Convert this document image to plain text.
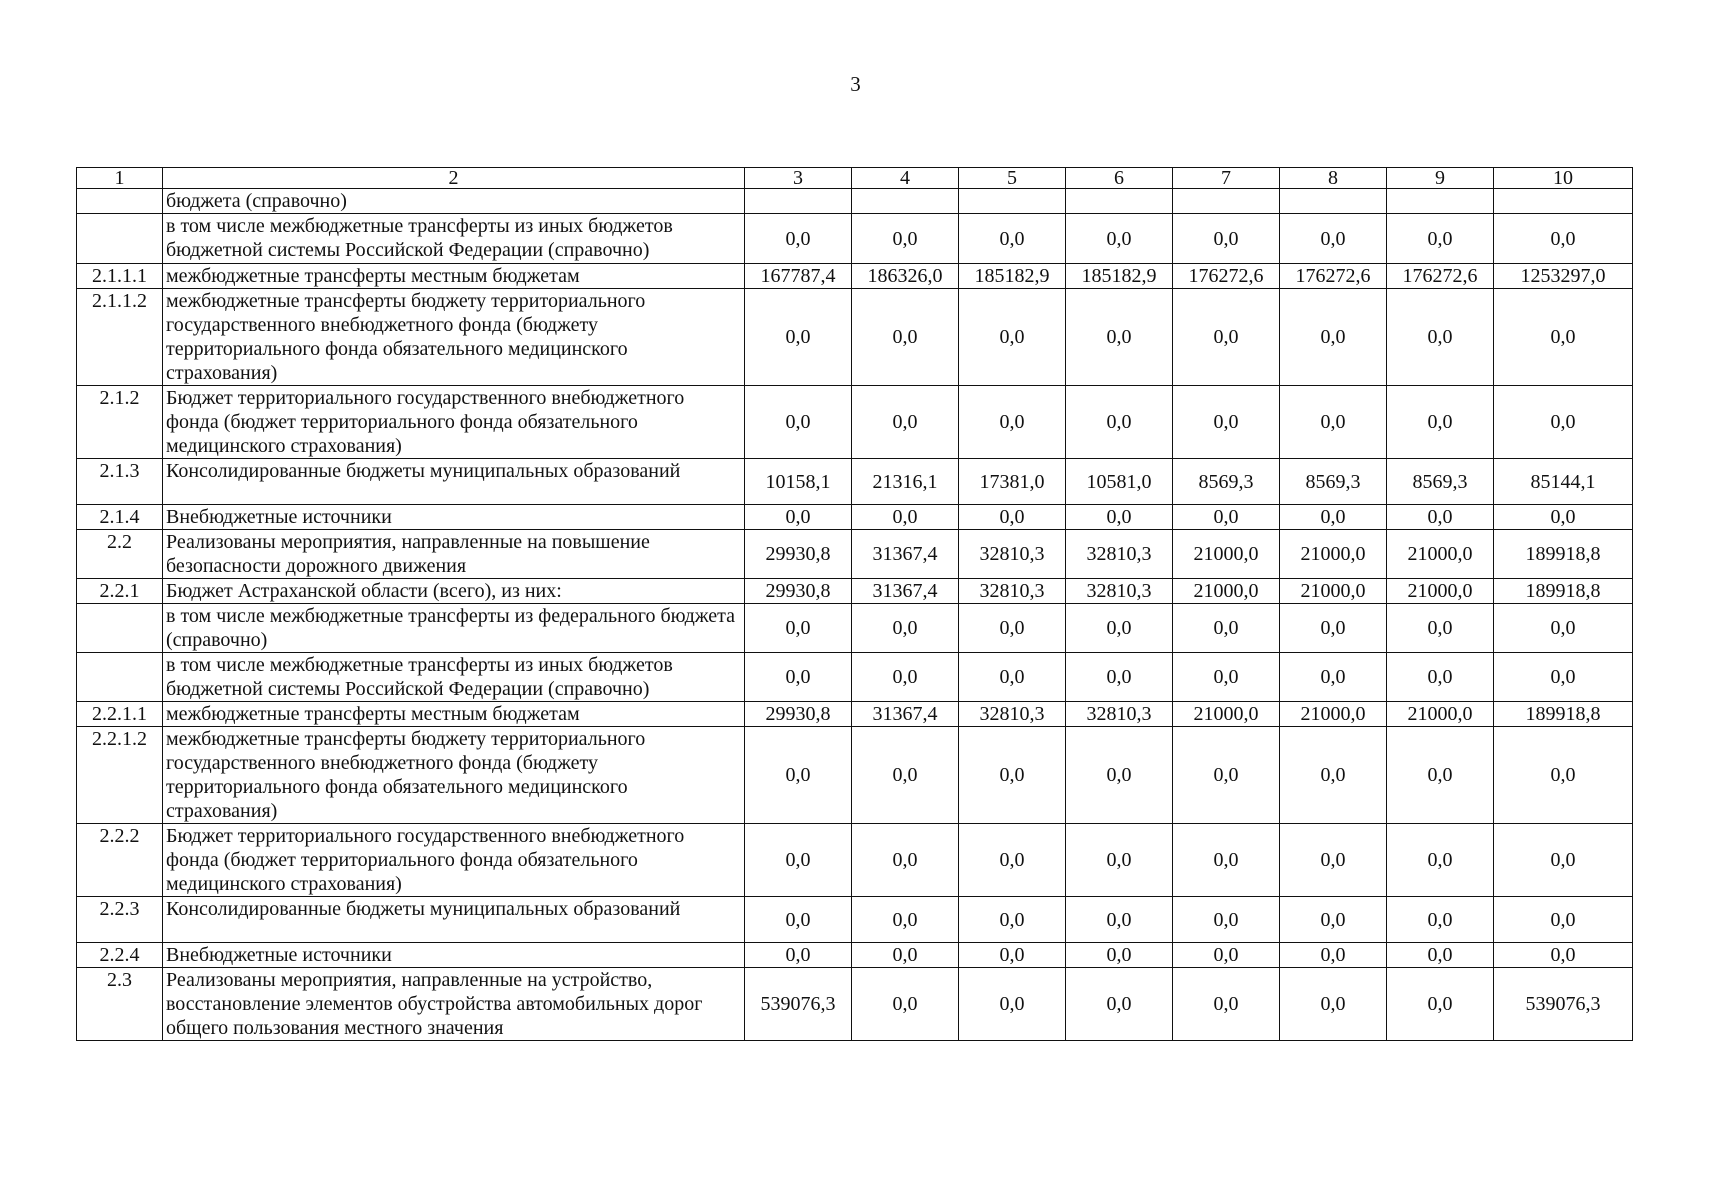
3
1	2	3	4	5	6	7	8	9	10
	бюджета (справочно)								
	в том числе межбюджетные трансферты из иных бюджетов бюджетной системы Российской Федерации (справочно)	0,0	0,0	0,0	0,0	0,0	0,0	0,0	0,0
2.1.1.1	межбюджетные трансферты местным бюджетам	167787,4	186326,0	185182,9	185182,9	176272,6	176272,6	176272,6	1253297,0
2.1.1.2	межбюджетные трансферты бюджету территориального государственного внебюджетного фонда (бюджету территориального фонда обязательного медицинского страхования)	0,0	0,0	0,0	0,0	0,0	0,0	0,0	0,0
2.1.2	Бюджет территориального государственного внебюджетного фонда (бюджет территориального фонда обязательного медицинского страхования)	0,0	0,0	0,0	0,0	0,0	0,0	0,0	0,0
2.1.3	Консолидированные бюджеты муниципальных образований	10158,1	21316,1	17381,0	10581,0	8569,3	8569,3	8569,3	85144,1
2.1.4	Внебюджетные источники	0,0	0,0	0,0	0,0	0,0	0,0	0,0	0,0
2.2	Реализованы мероприятия, направленные на повышение безопасности дорожного движения	29930,8	31367,4	32810,3	32810,3	21000,0	21000,0	21000,0	189918,8
2.2.1	Бюджет Астраханской области (всего), из них:	29930,8	31367,4	32810,3	32810,3	21000,0	21000,0	21000,0	189918,8
	в том числе межбюджетные трансферты из федерального бюджета (справочно)	0,0	0,0	0,0	0,0	0,0	0,0	0,0	0,0
	в том числе межбюджетные трансферты из иных бюджетов бюджетной системы Российской Федерации (справочно)	0,0	0,0	0,0	0,0	0,0	0,0	0,0	0,0
2.2.1.1	межбюджетные трансферты местным бюджетам	29930,8	31367,4	32810,3	32810,3	21000,0	21000,0	21000,0	189918,8
2.2.1.2	межбюджетные трансферты бюджету территориального государственного внебюджетного фонда (бюджету территориального фонда обязательного медицинского страхования)	0,0	0,0	0,0	0,0	0,0	0,0	0,0	0,0
2.2.2	Бюджет территориального государственного внебюджетного фонда (бюджет территориального фонда обязательного медицинского страхования)	0,0	0,0	0,0	0,0	0,0	0,0	0,0	0,0
2.2.3	Консолидированные бюджеты муниципальных образований	0,0	0,0	0,0	0,0	0,0	0,0	0,0	0,0
2.2.4	Внебюджетные источники	0,0	0,0	0,0	0,0	0,0	0,0	0,0	0,0
2.3	Реализованы мероприятия, направленные на устройство, восстановление элементов обустройства автомобильных дорог общего пользования местного значения	539076,3	0,0	0,0	0,0	0,0	0,0	0,0	539076,3
